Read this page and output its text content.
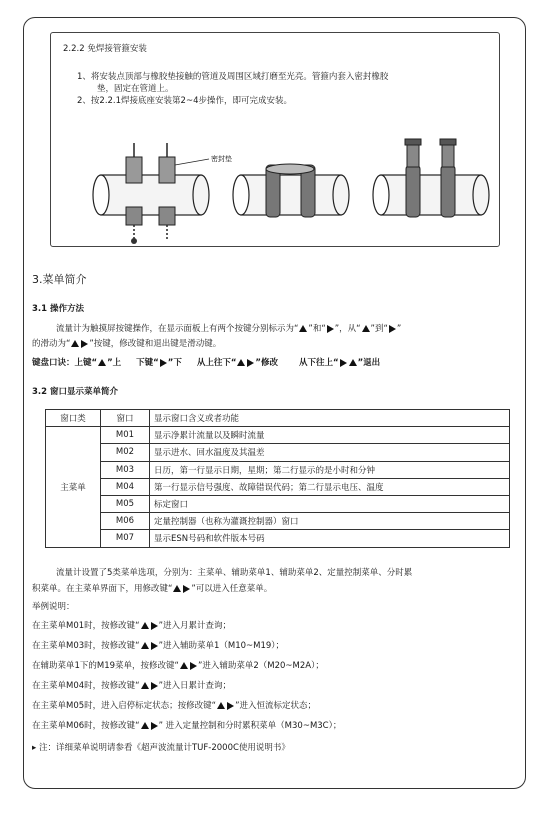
2.2.2 免焊接管箍安装
1、将安装点顶部与橡胶垫接触的管道及周围区域打磨至光亮。管箍内套入密封橡胶
垫，固定在管道上。
2、按2.2.1焊接底座安装第2~4步操作，即可完成安装。
密封垫
3.菜单简介
3.1 操作方法
流量计为触摸屏按键操作，在显示面板上有两个按键分别标示为“ ”和“ ”，从“ ”到“ ”
的滑动为“ ”按键，修改键和退出键是滑动键。
键盘口诀：上键“ ”上 下键“ ”下 从上往下“ ”修改 从下往上“ ”退出
3.2 窗口显示菜单简介
窗口类	窗口	显示窗口含义或者功能
主菜单	M01	显示净累计流量以及瞬时流量
	M02	显示进水、回水温度及其温差
	M03	日历，第一行显示日期，星期；第二行显示的是小时和分钟
	M04	第一行显示信号强度、故障错误代码；第二行显示电压、温度
	M05	标定窗口
	M06	定量控制器（也称为灌溉控制器）窗口
	M07	显示ESN号码和软件版本号码
流量计设置了5类菜单选项，分别为：主菜单、辅助菜单1、辅助菜单2、定量控制菜单、分时累
积菜单。在主菜单界面下，用修改键“ ”可以进入任意菜单。
举例说明：
在主菜单M01时，按修改键“ ”进入月累计查询；
在主菜单M03时，按修改键“ ”进入辅助菜单1（M10~M19）；
在辅助菜单1下的M19菜单，按修改键“ ”进入辅助菜单2（M20~M2A）；
在主菜单M04时，按修改键“ ”进入日累计查询；
在主菜单M05时，进入启停标定状态；按修改键“ ”进入恒流标定状态；
在主菜单M06时，按修改键“ ” 进入定量控制和分时累积菜单（M30~M3C）；
▸ 注：详细菜单说明请参看《超声波流量计TUF-2000C使用说明书》
